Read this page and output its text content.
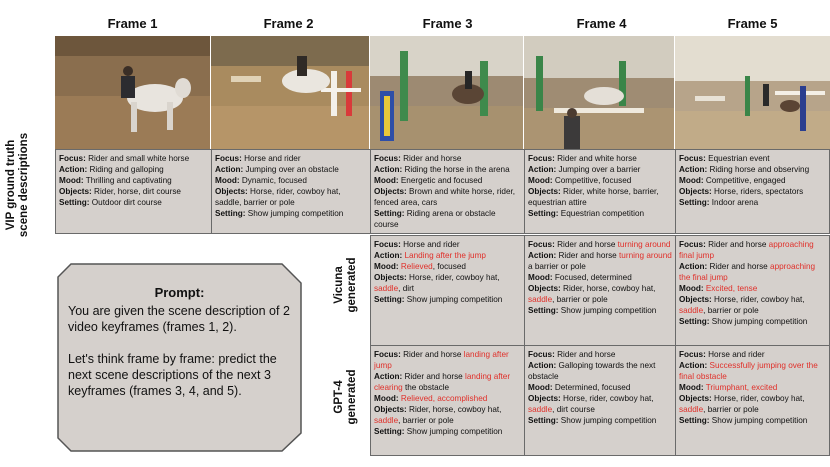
Frame 1	Frame 2	Frame 3	Frame 4	Frame 5
VIP ground truth scene descriptions
Vicuna generated
GPT-4 generated
Focus: Rider and small white horse
Action: Riding and galloping
Mood: Thrilling and captivating
Objects: Rider, horse, dirt course
Setting: Outdoor dirt course
Focus: Horse and rider
Action: Jumping over an obstacle
Mood: Dynamic, focused
Objects: Horse, rider, cowboy hat, saddle, barrier or pole
Setting: Show jumping competition
Focus: Rider and horse
Action: Riding the horse in the arena
Mood: Energetic and focused
Objects: Brown and white horse, rider, fenced area, cars
Setting: Riding arena or obstacle course
Focus: Rider and white horse
Action: Jumping over a barrier
Mood: Competitive, focused
Objects: Rider, white horse, barrier, equestrian attire
Setting: Equestrian competition
Focus: Equestrian event
Action: Riding horse and observing
Mood: Competitive, engaged
Objects: Horse, riders, spectators
Setting: Indoor arena
Focus: Horse and rider
Action: Landing after the jump
Mood: Relieved, focused
Objects: Horse, rider, cowboy hat, saddle, dirt
Setting: Show jumping competition
Focus: Rider and horse turning around
Action: Rider and horse turning around a barrier or pole
Mood: Focused, determined
Objects: Rider, horse, cowboy hat, saddle, barrier or pole
Setting: Show jumping competition
Focus: Rider and horse approaching final jump
Action: Rider and horse approaching the final jump
Mood: Excited, tense
Objects: Horse, rider, cowboy hat, saddle, barrier or pole
Setting: Show jumping competition
Focus: Rider and horse landing after jump
Action: Rider and horse landing after clearing the obstacle
Mood: Relieved, accomplished
Objects: Rider, horse, cowboy hat, saddle, barrier or pole
Setting: Show jumping competition
Focus: Rider and horse
Action: Galloping towards the next obstacle
Mood: Determined, focused
Objects: Horse, rider, cowboy hat, saddle, dirt course
Setting: Show jumping competition
Focus: Horse and rider
Action: Successfully jumping over the final obstacle
Mood: Triumphant, excited
Objects: Horse, rider, cowboy hat, saddle, barrier or pole
Setting: Show jumping competition
Prompt:

You are given the scene description of 2 video keyframes (frames 1, 2).

Let's think frame by frame: predict the next scene descriptions of the next 3 keyframes (frames 3, 4, and 5).
